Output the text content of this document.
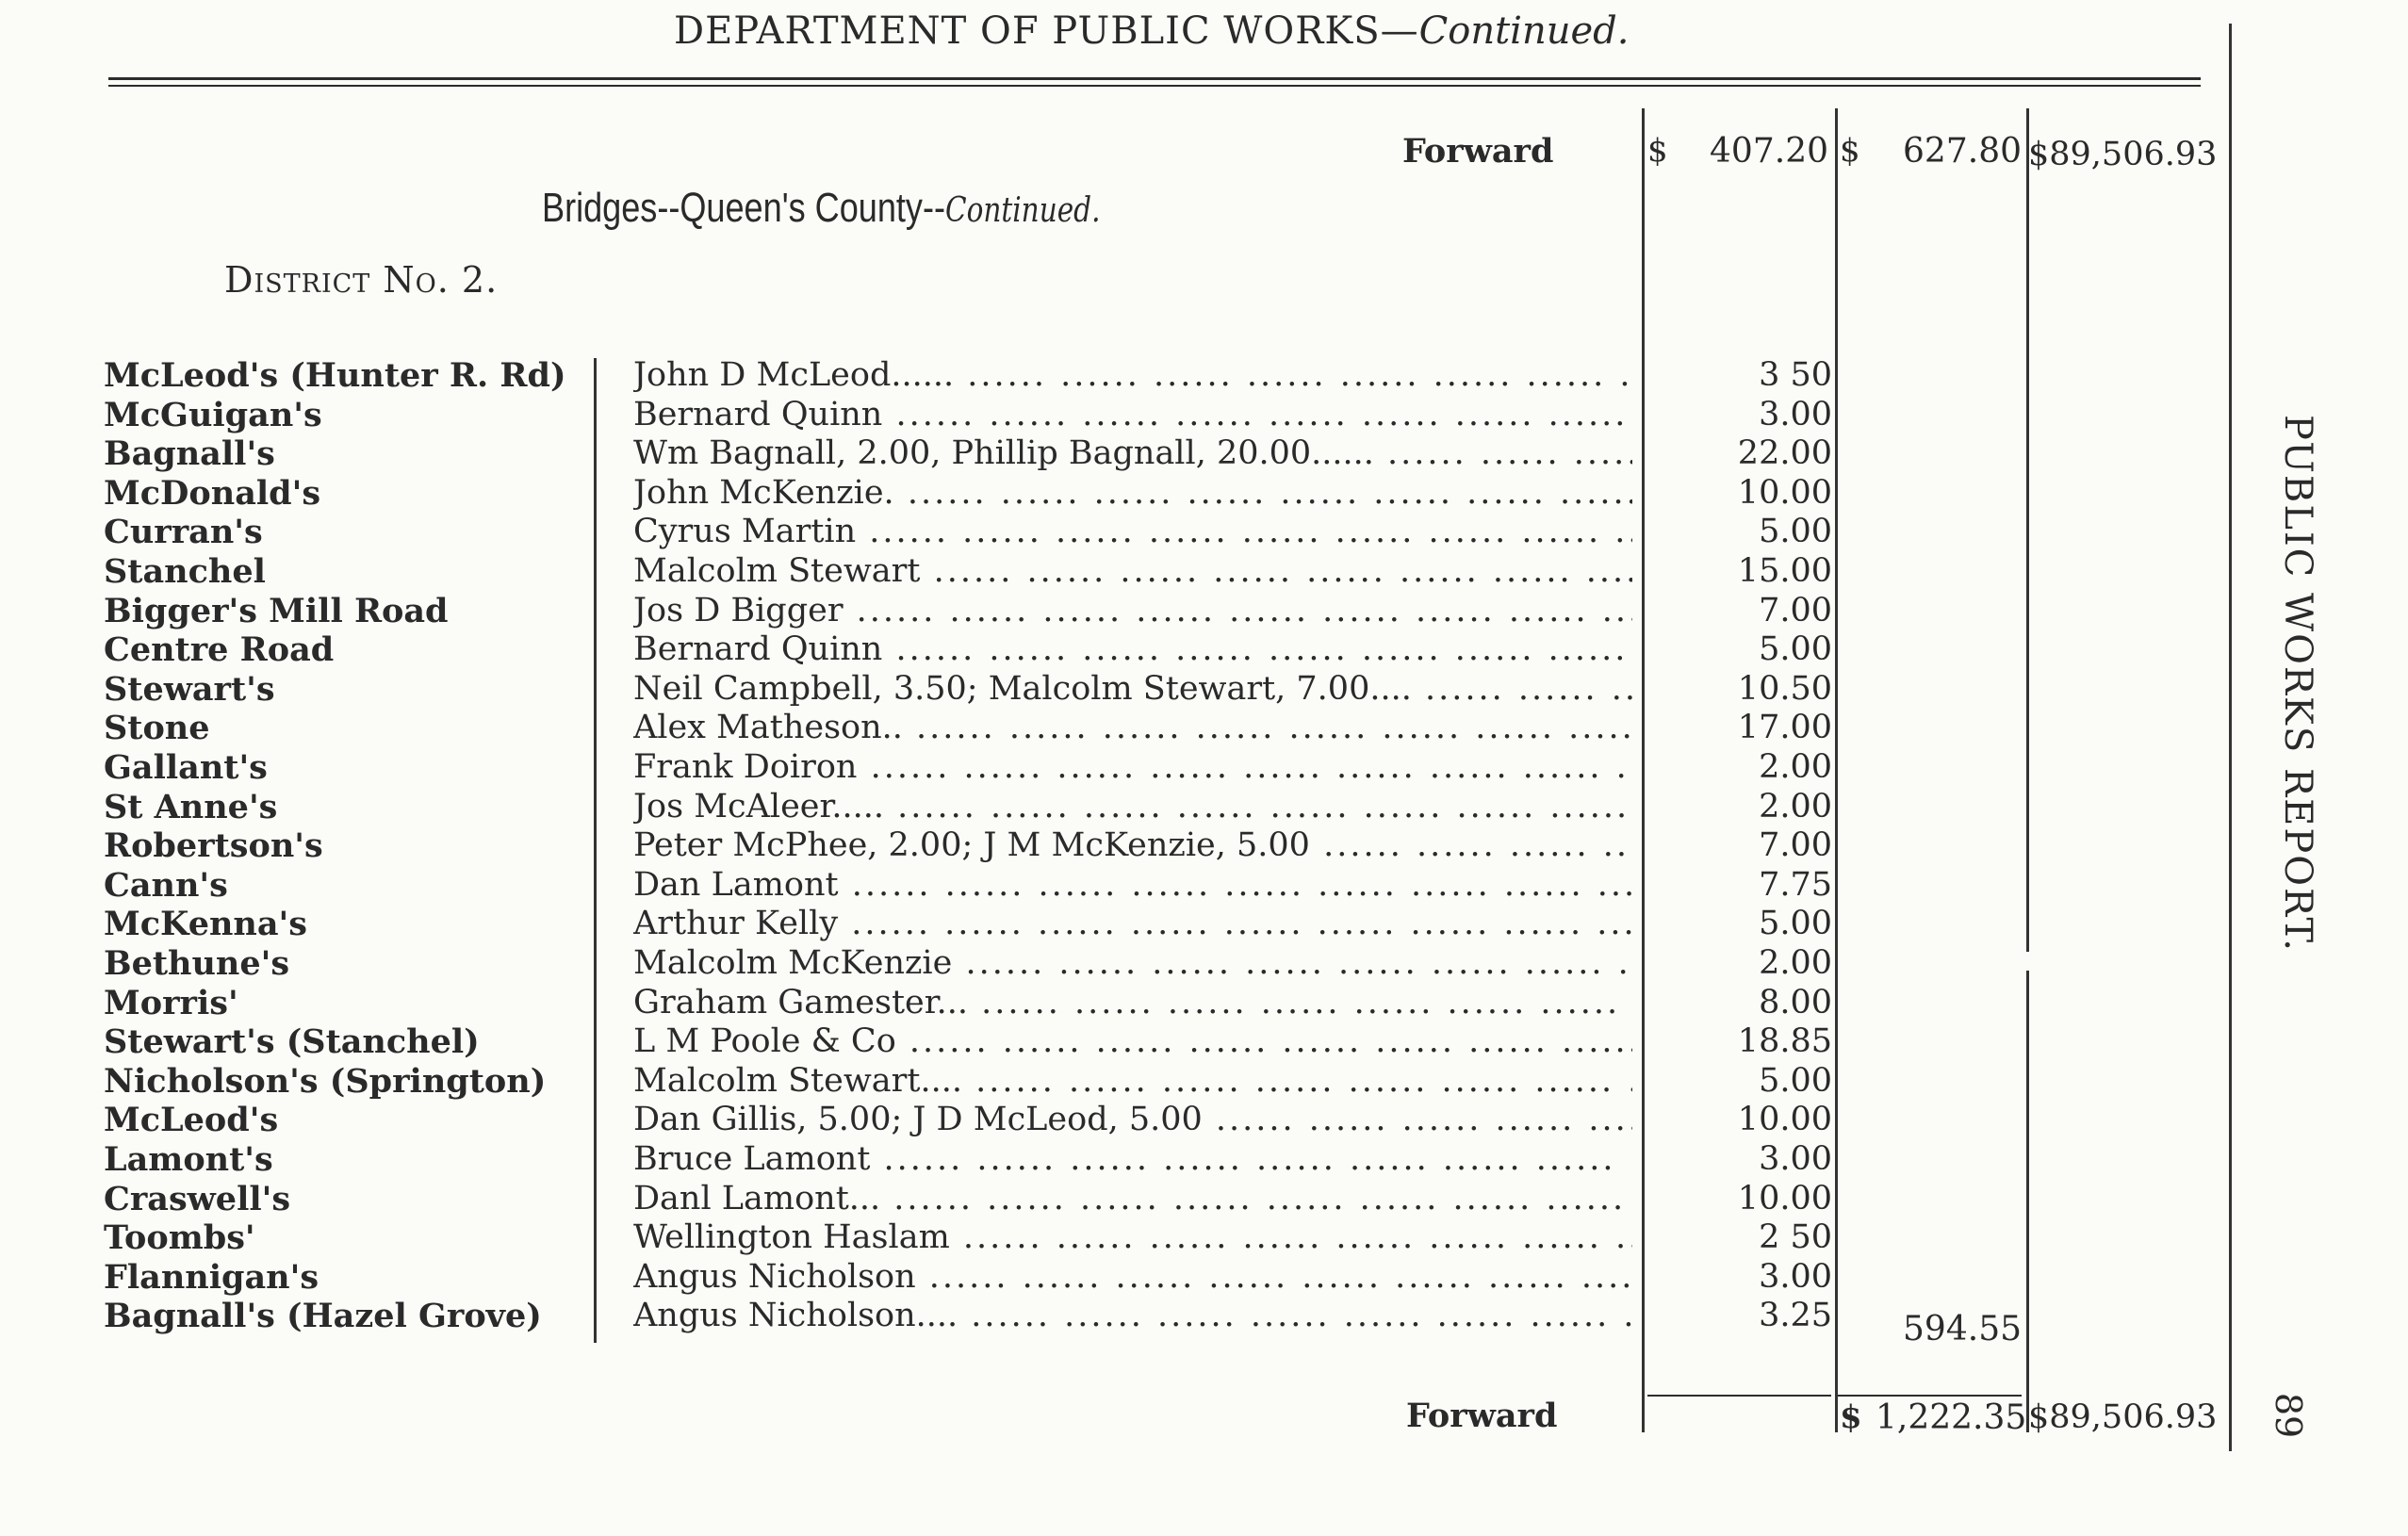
DEPARTMENT OF PUBLIC WORKS—Continued.
Forward	$	407.20 $	627.80 $89,506.93
Bridges--Queen's County--Continued.
District No. 2.
McLeod's (Hunter R. Rd) John D McLeod...... .....	3 50
McGuigan's	Bernard Quinn .....	3.00
Bagnall's	Wm Bagnall, 2.00, Phillip Bagnall, 20.00...... .....	22.00
McDonald's	John McKenzie. .....	10.00
Curran's	Cyrus Martin .....	5.00
Stanchel	Malcolm Stewart .....	15.00
Bigger's Mill Road	Jos D Bigger .....	7.00
Centre Road	Bernard Quinn .....	5.00
Stewart's	Neil Campbell, 3.50; Malcolm Stewart, 7.00.... .....	10.50
Stone	Alex Matheson.. .....	17.00
Gallant's	Frank Doiron .....	2.00
St Anne's	Jos McAleer..... .....	2.00
Robertson's	Peter McPhee, 2.00; J M McKenzie, 5.00 .....	7.00
Cann's	Dan Lamont .....	7.75
McKenna's	Arthur Kelly .....	5.00
Bethune's	Malcolm McKenzie .....	2.00
Morris'	Graham Gamester... .....	8.00
Stewart's (Stanchel)	L M Poole & Co .....	18.85
Nicholson's (Springton)	Malcolm Stewart.... .....	5.00
McLeod's	Dan Gillis, 5.00; J D McLeod, 5.00 .....	10.00
Lamont's	Bruce Lamont .....	3.00
Craswell's	Danl Lamont... .....	10.00
Toombs'	Wellington Haslam .....	2 50
Flannigan's	Angus Nicholson .....	3.00
Bagnall's (Hazel Grove)	Angus Nicholson.... .....	3.25	594.55
Forward	$ 1,222.35 $89,506.93
PUBLIC WORKS REPORT.
89
